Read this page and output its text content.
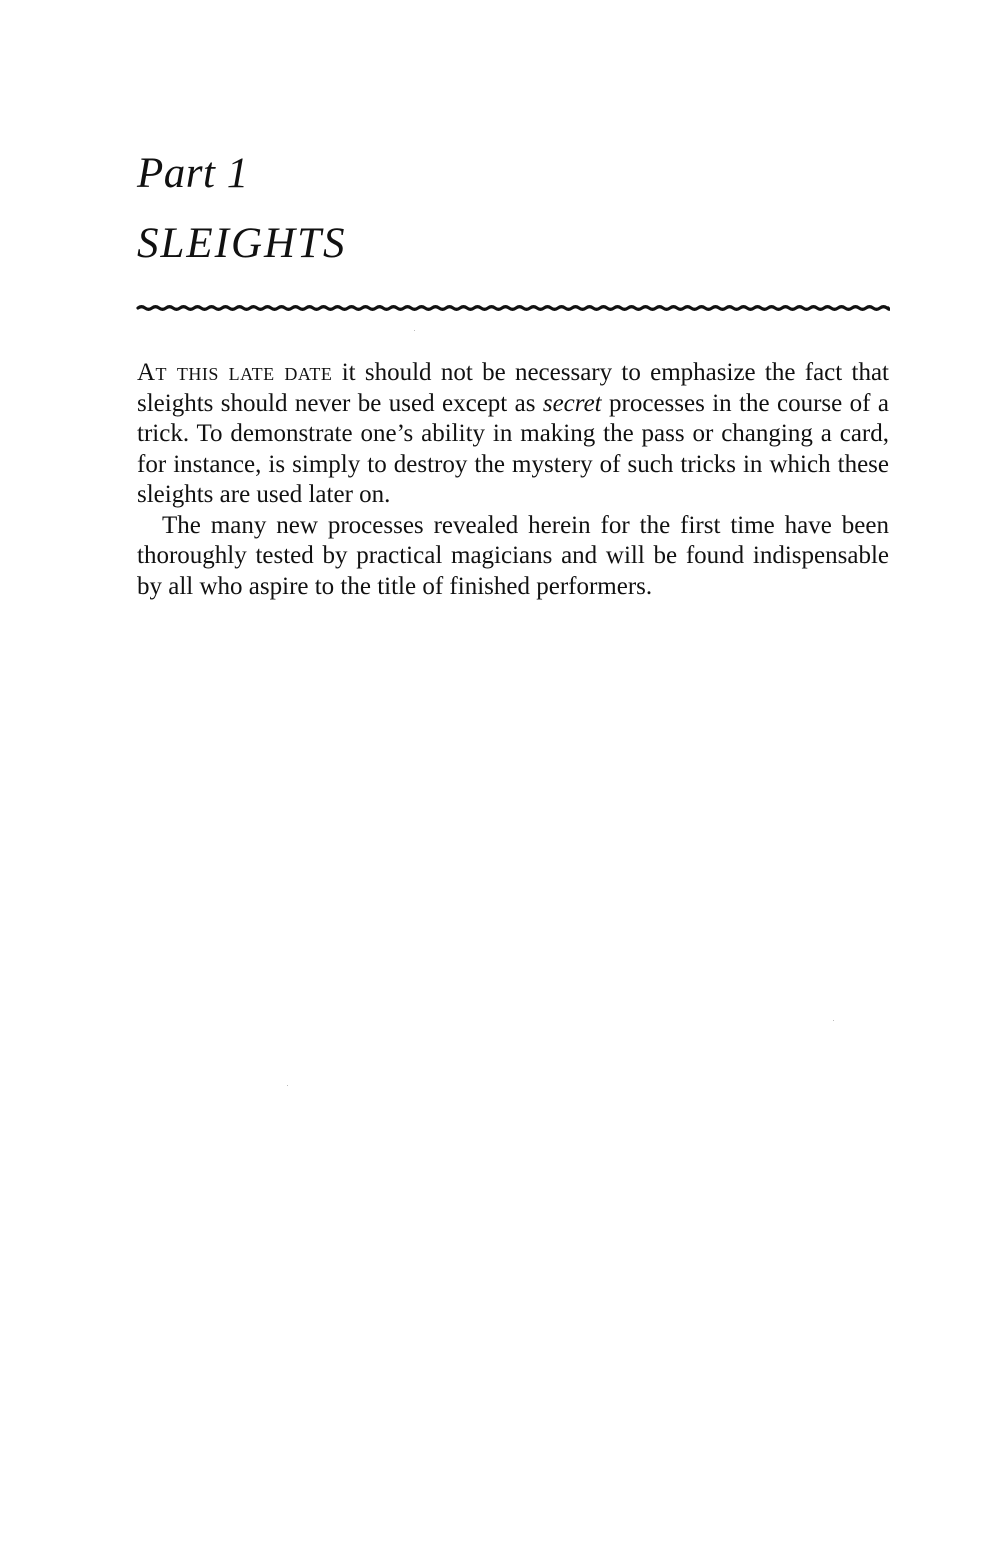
Part 1
SLEIGHTS

At this late date it should not be necessary to emphasize the fact that sleights should never be used except as secret processes in the course of a trick. To demonstrate one’s ability in making the pass or changing a card, for instance, is simply to destroy the mystery of such tricks in which these sleights are used later on.

The many new processes revealed herein for the first time have been thoroughly tested by practical magicians and will be found indispensable by all who aspire to the title of finished performers.
